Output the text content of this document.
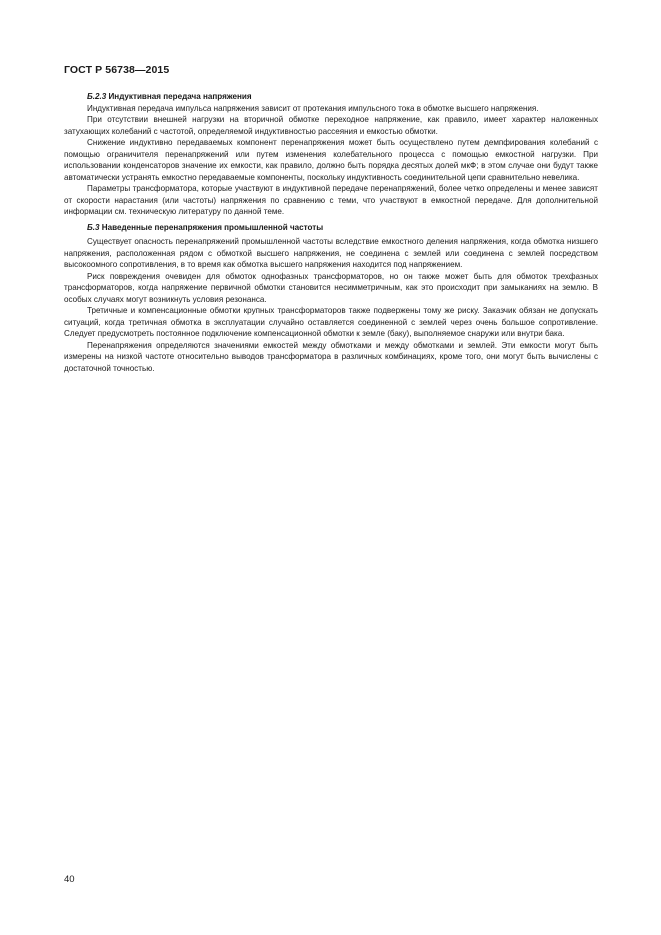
ГОСТ Р 56738—2015

Б.2.3 Индуктивная передача напряжения

Индуктивная передача импульса напряжения зависит от протекания импульсного тока в обмотке высшего напряжения.

При отсутствии внешней нагрузки на вторичной обмотке переходное напряжение, как правило, имеет характер наложенных затухающих колебаний с частотой, определяемой индуктивностью рассеяния и емкостью обмотки.

Снижение индуктивно передаваемых компонент перенапряжения может быть осуществлено путем демпфирования колебаний с помощью ограничителя перенапряжений или путем изменения колебательного процесса с помощью емкостной нагрузки. При использовании конденсаторов значение их емкости, как правило, должно быть порядка десятых долей мкФ; в этом случае они будут также автоматически устранять емкостно передаваемые компоненты, поскольку индуктивность соединительной цепи сравнительно невелика.

Параметры трансформатора, которые участвуют в индуктивной передаче перенапряжений, более четко определены и менее зависят от скорости нарастания (или частоты) напряжения по сравнению с теми, что участвуют в емкостной передаче. Для дополнительной информации см. техническую литературу по данной теме.

Б.3 Наведенные перенапряжения промышленной частоты

Существует опасность перенапряжений промышленной частоты вследствие емкостного деления напряжения, когда обмотка низшего напряжения, расположенная рядом с обмоткой высшего напряжения, не соединена с землей или соединена с землей посредством высокоомного сопротивления, в то время как обмотка высшего напряжения находится под напряжением.

Риск повреждения очевиден для обмоток однофазных трансформаторов, но он также может быть для обмоток трехфазных трансформаторов, когда напряжение первичной обмотки становится несимметричным, как это происходит при замыканиях на землю. В особых случаях могут возникнуть условия резонанса.

Третичные и компенсационные обмотки крупных трансформаторов также подвержены тому же риску. Заказчик обязан не допускать ситуаций, когда третичная обмотка в эксплуатации случайно оставляется соединенной с землей через очень большое сопротивление. Следует предусмотреть постоянное подключение компенсационной обмотки к земле (баку), выполняемое снаружи или внутри бака.

Перенапряжения определяются значениями емкостей между обмотками и между обмотками и землей. Эти емкости могут быть измерены на низкой частоте относительно выводов трансформатора в различных комбинациях, кроме того, они могут быть вычислены с достаточной точностью.

40
